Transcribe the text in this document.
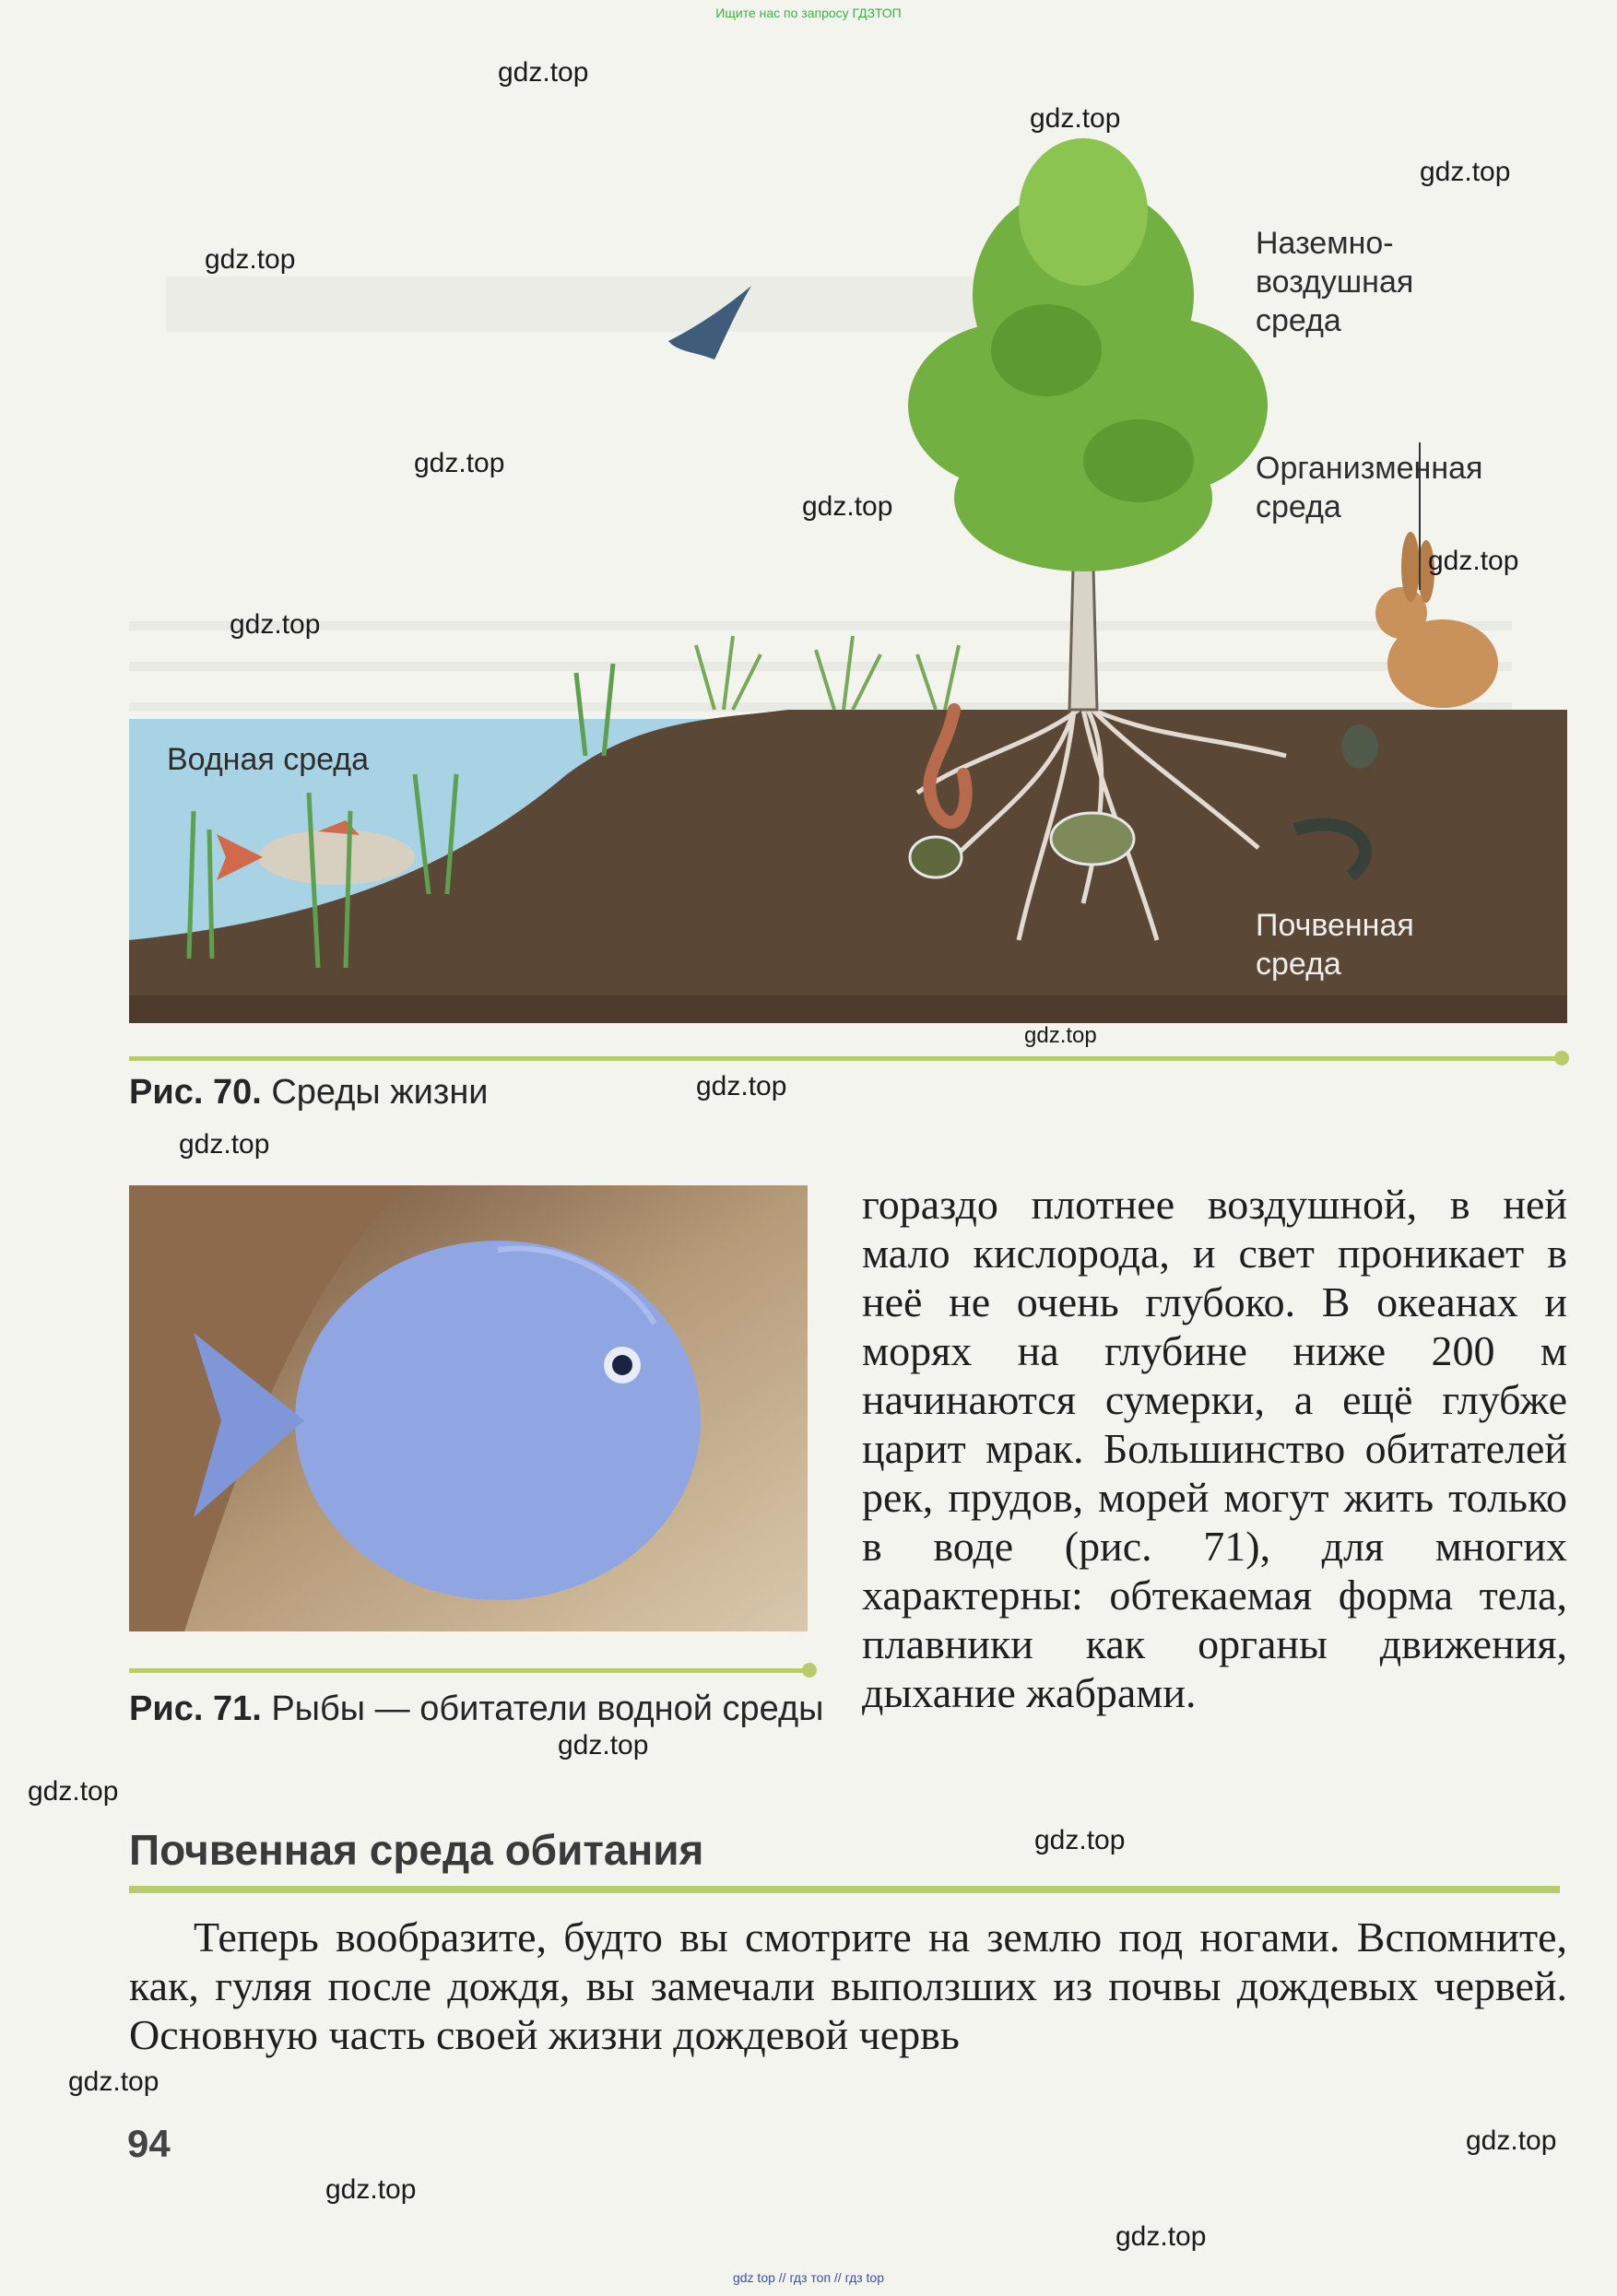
Ищите нас по запросу ГДЗТОП
gdz top // гдз топ // гдз top
Наземно-
воздушная
среда
Организменная
среда
Водная среда
Почвенная
среда
Рис. 70. Среды жизни
Рис. 71. Рыбы — обитатели водной среды
гораздо плотнее воздушной, в ней мало кислорода, и свет проникает в неё не очень глубоко. В океанах и морях на глубине ниже 200 м начинаются сумерки, а ещё глубже царит мрак. Большинство обитателей рек, прудов, морей могут жить только в воде (рис. 71), для многих характерны: обтекаемая форма тела, плавники как органы движения, дыхание жабрами.
Почвенная среда обитания
Теперь вообразите, будто вы смотрите на землю под ногами. Вспомните, как, гуляя после дождя, вы замечали выползших из почвы дождевых червей. Основную часть своей жизни дождевой червь
94
gdz.top
gdz.top
gdz.top
gdz.top
gdz.top
gdz.top
gdz.top
gdz.top
gdz.top
gdz.top
gdz.top
gdz.top
gdz.top
gdz.top
gdz.top
gdz.top
gdz.top
gdz.top
